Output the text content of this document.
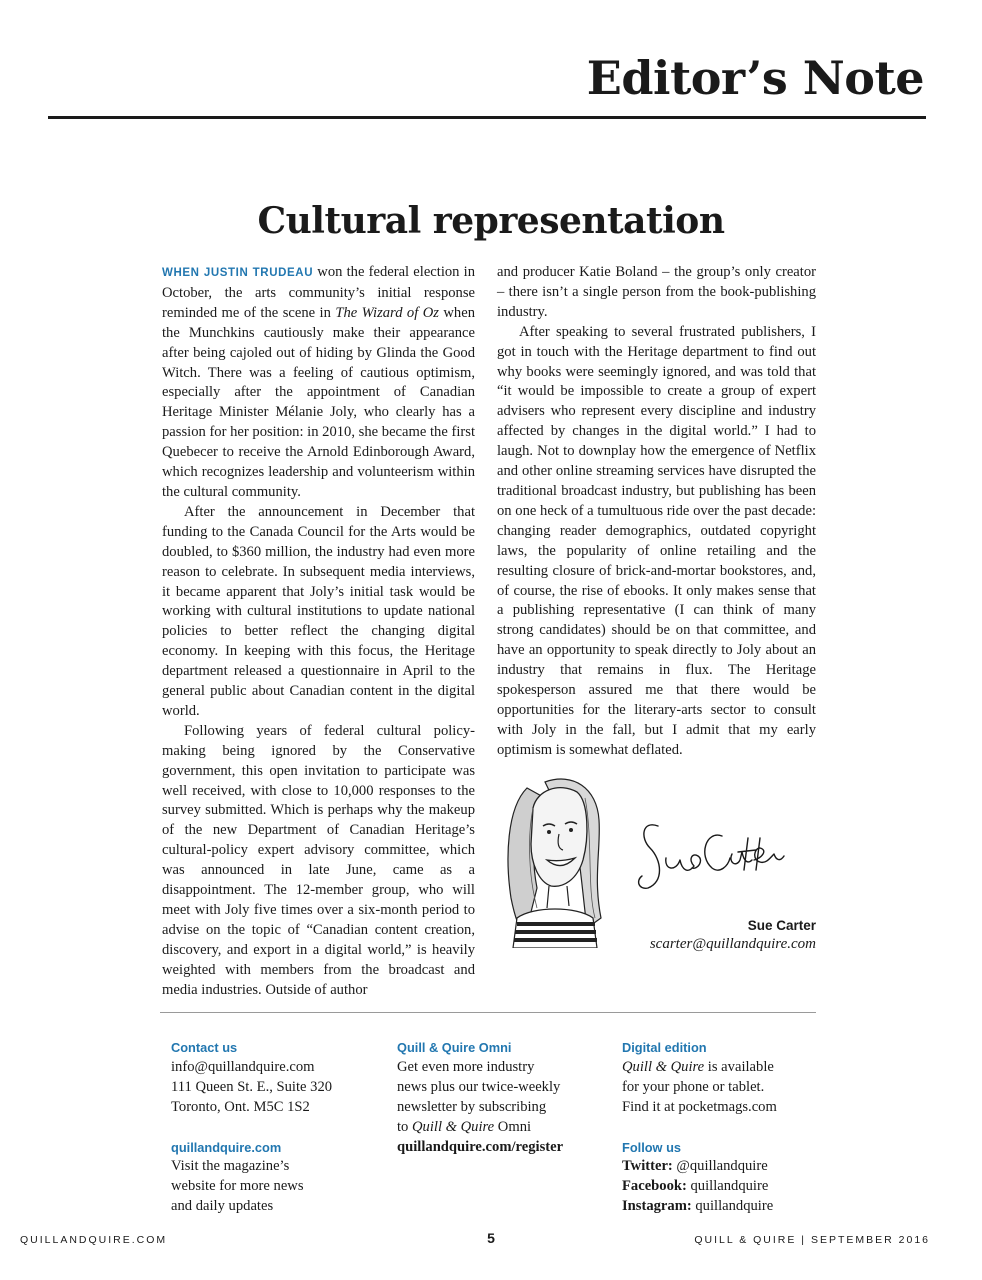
Editor’s Note
Cultural representation

WHEN JUSTIN TRUDEAU won the federal election in October, the arts community’s initial response reminded me of the scene in The Wizard of Oz when the Munchkins cautiously make their appearance after being cajoled out of hiding by Glinda the Good Witch. There was a feeling of cautious optimism, especially after the appointment of Canadian Heritage Minister Mélanie Joly, who clearly has a passion for her position: in 2010, she became the first Quebecer to receive the Arnold Edinborough Award, which recognizes leadership and volunteerism within the cultural community.

After the announcement in December that funding to the Canada Council for the Arts would be doubled, to $360 million, the industry had even more reason to celebrate. In subsequent media interviews, it became apparent that Joly’s initial task would be working with cultural institutions to update national policies to better reflect the changing digital economy. In keeping with this focus, the Heritage department released a questionnaire in April to the general public about Canadian content in the digital world.

Following years of federal cultural policy-making being ignored by the Conservative government, this open invitation to participate was well received, with close to 10,000 responses to the survey submitted. Which is perhaps why the makeup of the new Department of Canadian Heritage’s cultural-policy expert advisory committee, which was announced in late June, came as a disappointment. The 12-member group, who will meet with Joly five times over a six-month period to advise on the topic of “Canadian content creation, discovery, and export in a digital world,” is heavily weighted with members from the broadcast and media industries. Outside of author

and producer Katie Boland – the group’s only creator – there isn’t a single person from the book-publishing industry.

After speaking to several frustrated publishers, I got in touch with the Heritage department to find out why books were seemingly ignored, and was told that “it would be impossible to create a group of expert advisers who represent every discipline and industry affected by changes in the digital world.” I had to laugh. Not to downplay how the emergence of Netflix and other online streaming services have disrupted the traditional broadcast industry, but publishing has been on one heck of a tumultuous ride over the past decade: changing reader demographics, outdated copyright laws, the popularity of online retailing and the resulting closure of brick-and-mortar bookstores, and, of course, the rise of ebooks. It only makes sense that a publishing representative (I can think of many strong candidates) should be on that committee, and have an opportunity to speak directly to Joly about an industry that remains in flux. The Heritage spokesperson assured me that there would be opportunities for the literary-arts sector to consult with Joly in the fall, but I admit that my early optimism is somewhat deflated.

Sue Carter
scarter@quillandquire.com
Contact us
info@quillandquire.com
111 Queen St. E., Suite 320
Toronto, Ont. M5C 1S2
quillandquire.com
Visit the magazine’s
website for more news
and daily updates
Quill & Quire Omni
Get even more industry
news plus our twice-weekly
newsletter by subscribing
to Quill & Quire Omni
quillandquire.com/register
Digital edition
Quill & Quire is available
for your phone or tablet.
Find it at pocketmags.com
Follow us
Twitter: @quillandquire
Facebook: quillandquire
Instagram: quillandquire
QUILLANDQUIRE.COM	5	QUILL & QUIRE | SEPTEMBER 2016
